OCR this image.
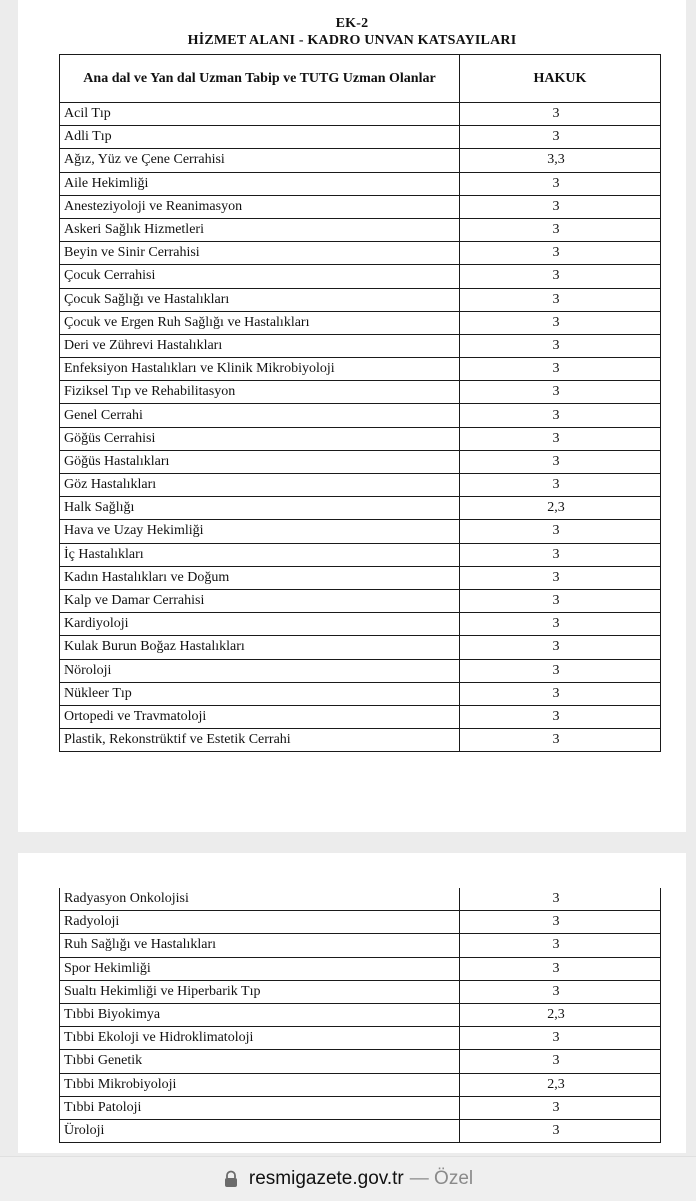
EK-2
HİZMET ALANI - KADRO UNVAN KATSAYILARI
Ana dal ve Yan dal Uzman Tabip ve TUTG Uzman Olanlar	HAKUK
Acil Tıp	3
Adli Tıp	3
Ağız, Yüz ve Çene Cerrahisi	3,3
Aile Hekimliği	3
Anesteziyoloji ve Reanimasyon	3
Askeri Sağlık Hizmetleri	3
Beyin ve Sinir Cerrahisi	3
Çocuk Cerrahisi	3
Çocuk Sağlığı ve Hastalıkları	3
Çocuk ve Ergen Ruh Sağlığı ve Hastalıkları	3
Deri ve Zührevi Hastalıkları	3
Enfeksiyon Hastalıkları ve Klinik Mikrobiyoloji	3
Fiziksel Tıp ve Rehabilitasyon	3
Genel Cerrahi	3
Göğüs Cerrahisi	3
Göğüs Hastalıkları	3
Göz Hastalıkları	3
Halk Sağlığı	2,3
Hava ve Uzay Hekimliği	3
İç Hastalıkları	3
Kadın Hastalıkları ve Doğum	3
Kalp ve Damar Cerrahisi	3
Kardiyoloji	3
Kulak Burun Boğaz Hastalıkları	3
Nöroloji	3
Nükleer Tıp	3
Ortopedi ve Travmatoloji	3
Plastik, Rekonstrüktif ve Estetik Cerrahi	3
Radyasyon Onkolojisi	3
Radyoloji	3
Ruh Sağlığı ve Hastalıkları	3
Spor Hekimliği	3
Sualtı Hekimliği ve Hiperbarik Tıp	3
Tıbbi Biyokimya	2,3
Tıbbi Ekoloji ve Hidroklimatoloji	3
Tıbbi Genetik	3
Tıbbi Mikrobiyoloji	2,3
Tıbbi Patoloji	3
Üroloji	3
resmigazete.gov.tr — Özel
